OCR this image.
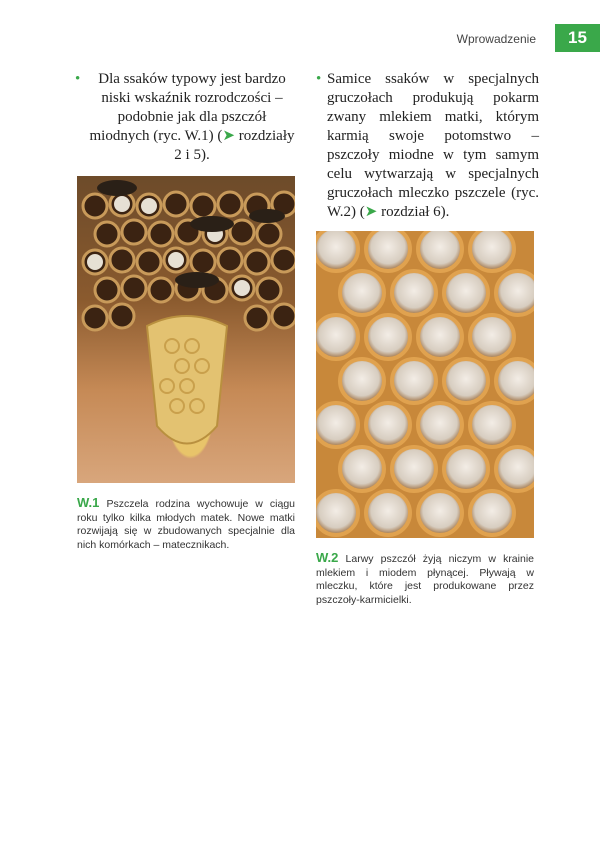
Wprowadzenie	15
•	Dla ssaków typowy jest bardzo niski wskaźnik rozrodczości – podobnie jak dla pszczół miodnych (ryc. W.1) (➤ rozdziały 2 i 5).

• Samice ssaków w specjalnych gruczołach produkują pokarm zwany mlekiem matki, którym karmią swoje potomstwo – pszczoły miodne w tym samym celu wytwarzają w specjalnych gruczołach mleczko pszczele (ryc. W.2) (➤ rozdział 6).

W.1 Pszczela rodzina wychowuje w ciągu roku tylko kilka młodych matek. Nowe matki rozwijają się w zbudowanych specjalnie dla nich komórkach – matecznikach.
W.2 Larwy pszczół żyją niczym w krainie mlekiem i miodem płynącej. Pływają w mleczku, które jest produkowane przez pszczoły-karmicielki.
